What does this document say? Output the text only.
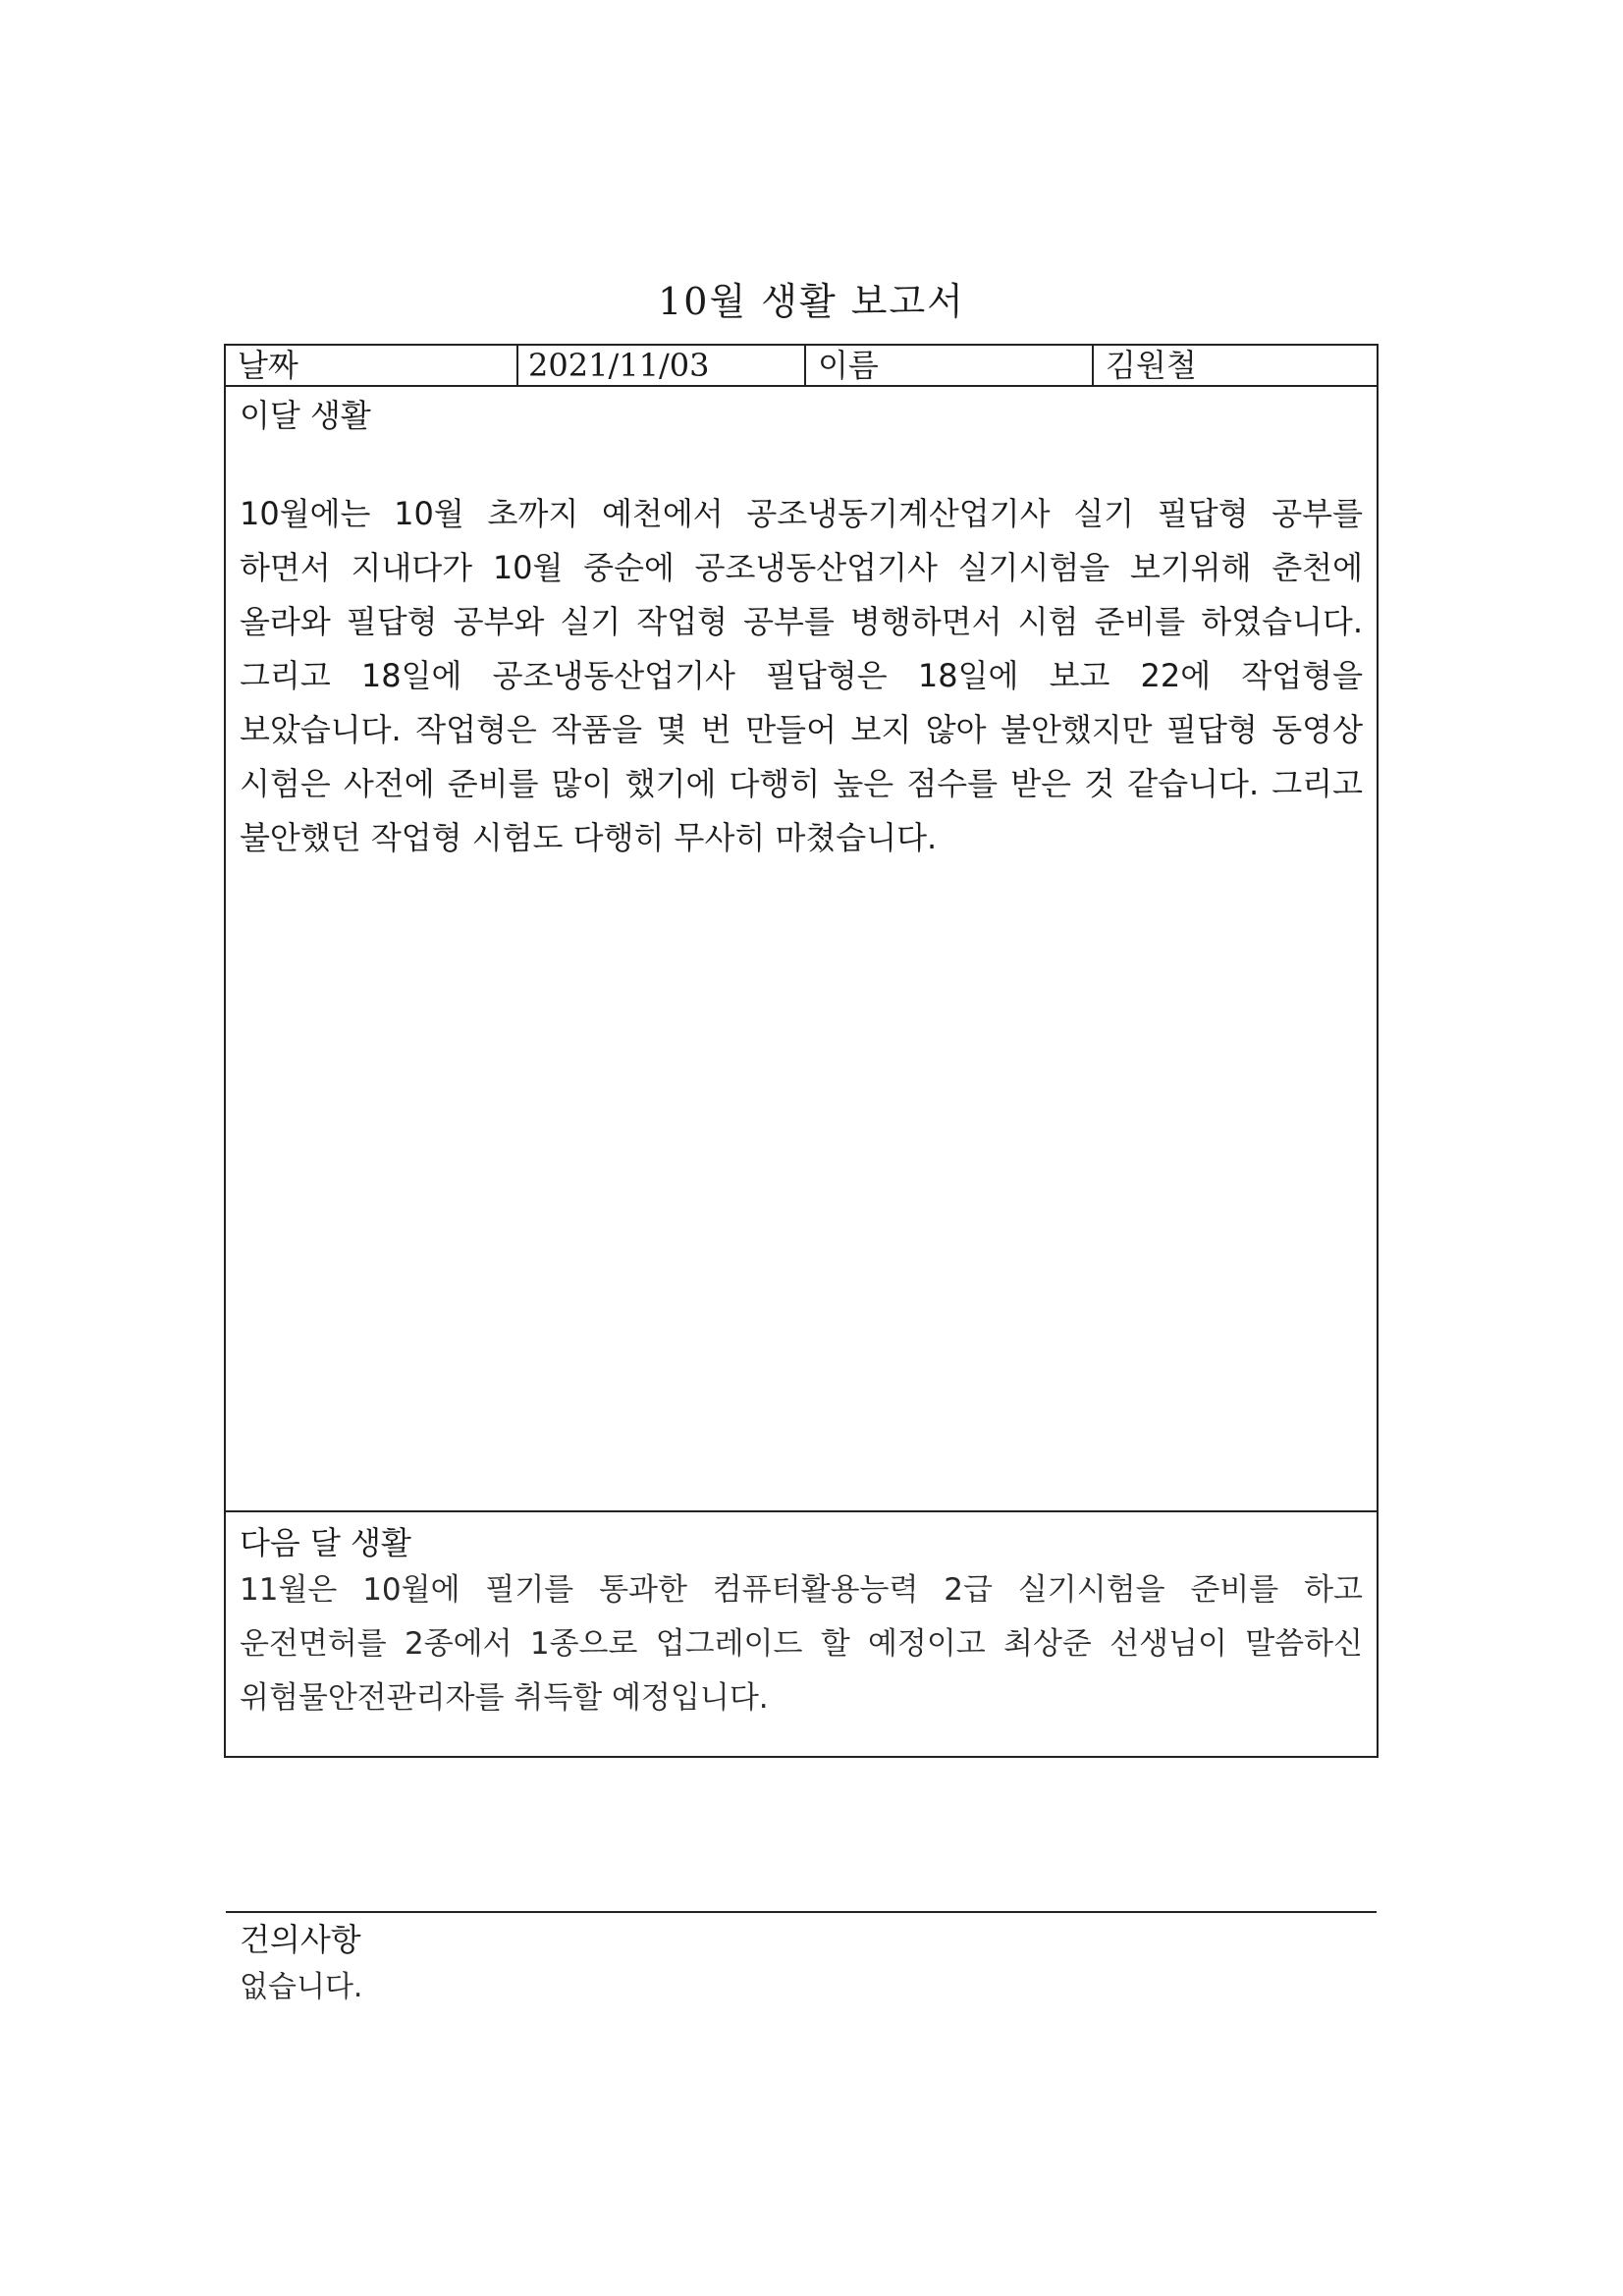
10월 생활 보고서
날짜	2021/11/03	이름	김원철
이달 생활
10월에는 10월 초까지 예천에서 공조냉동기계산업기사 실기 필답형 공부를 하면서 지내다가 10월 중순에 공조냉동산업기사 실기시험을 보기위해 춘천에 올라와 필답형 공부와 실기 작업형 공부를 병행하면서 시험 준비를 하였습니다. 그리고 18일에 공조냉동산업기사 필답형은 18일에 보고 22에 작업형을 보았습니다. 작업형은 작품을 몇 번 만들어 보지 않아 불안했지만 필답형 동영상 시험은 사전에 준비를 많이 했기에 다행히 높은 점수를 받은 것 같습니다. 그리고 불안했던 작업형 시험도 다행히 무사히 마쳤습니다.
다음 달 생활
11월은 10월에 필기를 통과한 컴퓨터활용능력 2급 실기시험을 준비를 하고 운전면허를 2종에서 1종으로 업그레이드 할 예정이고 최상준 선생님이 말씀하신 위험물안전관리자를 취득할 예정입니다.
건의사항
없습니다.
